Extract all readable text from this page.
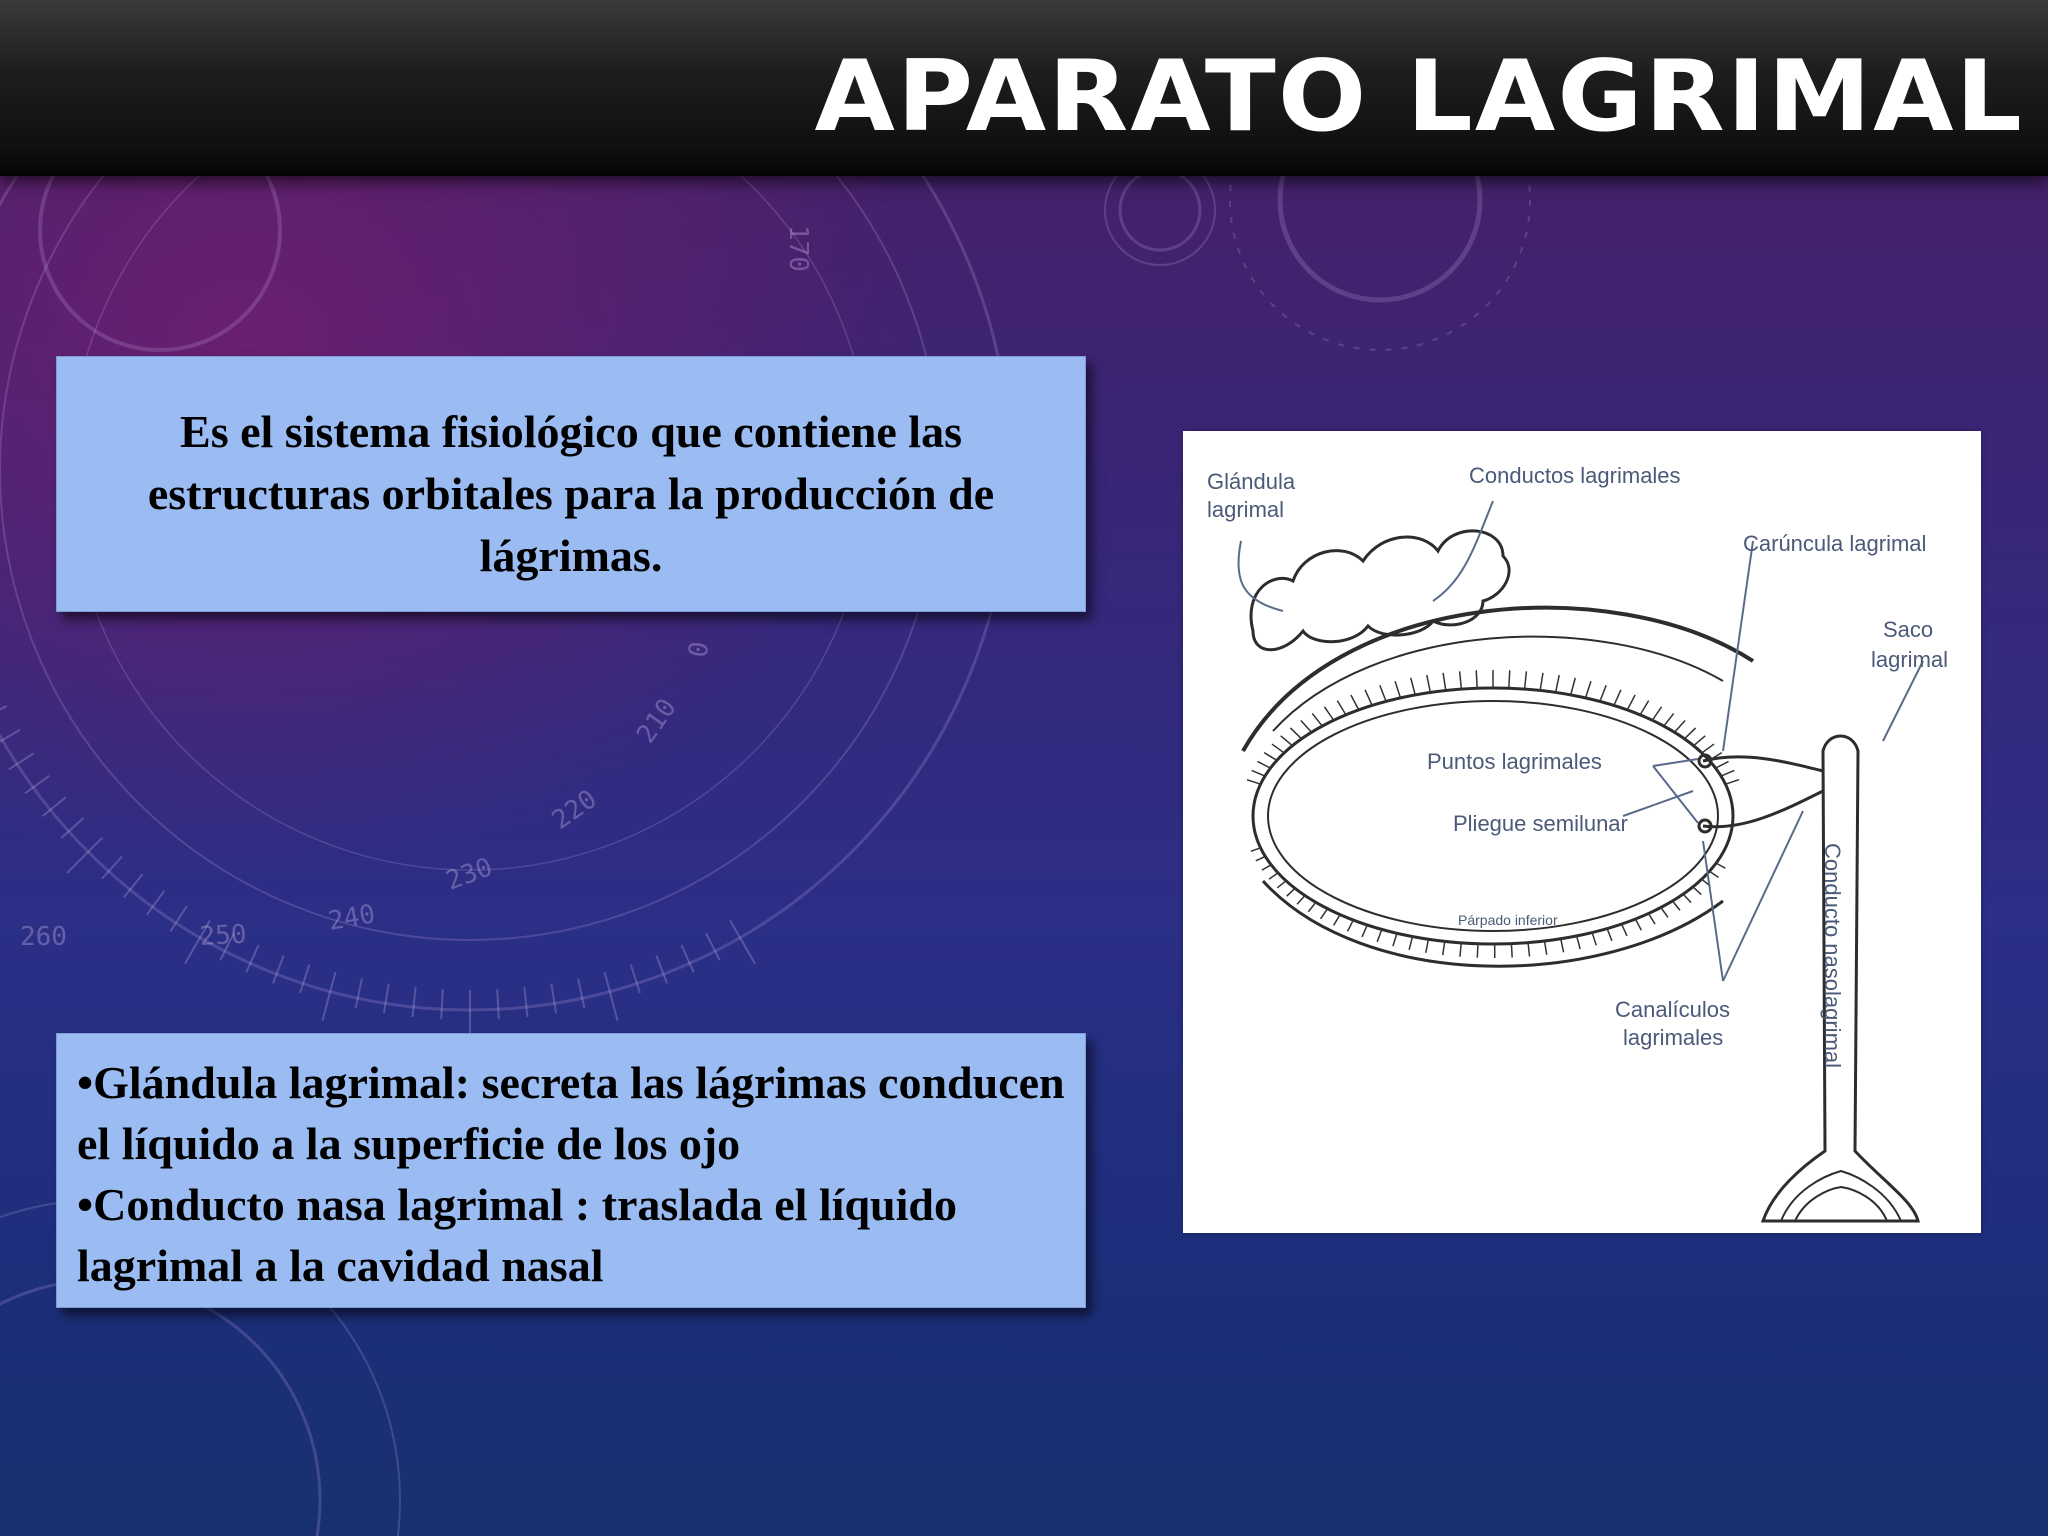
170
0
210
220
230
240
250
260
APARATO LAGRIMAL
Es el sistema fisiológico que contiene las estructuras orbitales para la producción de lágrimas.
•Glándula lagrimal: secreta las lágrimas conducen el líquido a la superficie de los ojo
•Conducto nasa lagrimal : traslada el líquido lagrimal a la cavidad nasal
Glándula
lagrimal
Conductos lagrimales
Carúncula lagrimal
Saco
lagrimal
Puntos lagrimales
Pliegue semilunar
Párpado inferior
Canalículos
lagrimales	Conducto nasolagrimal
